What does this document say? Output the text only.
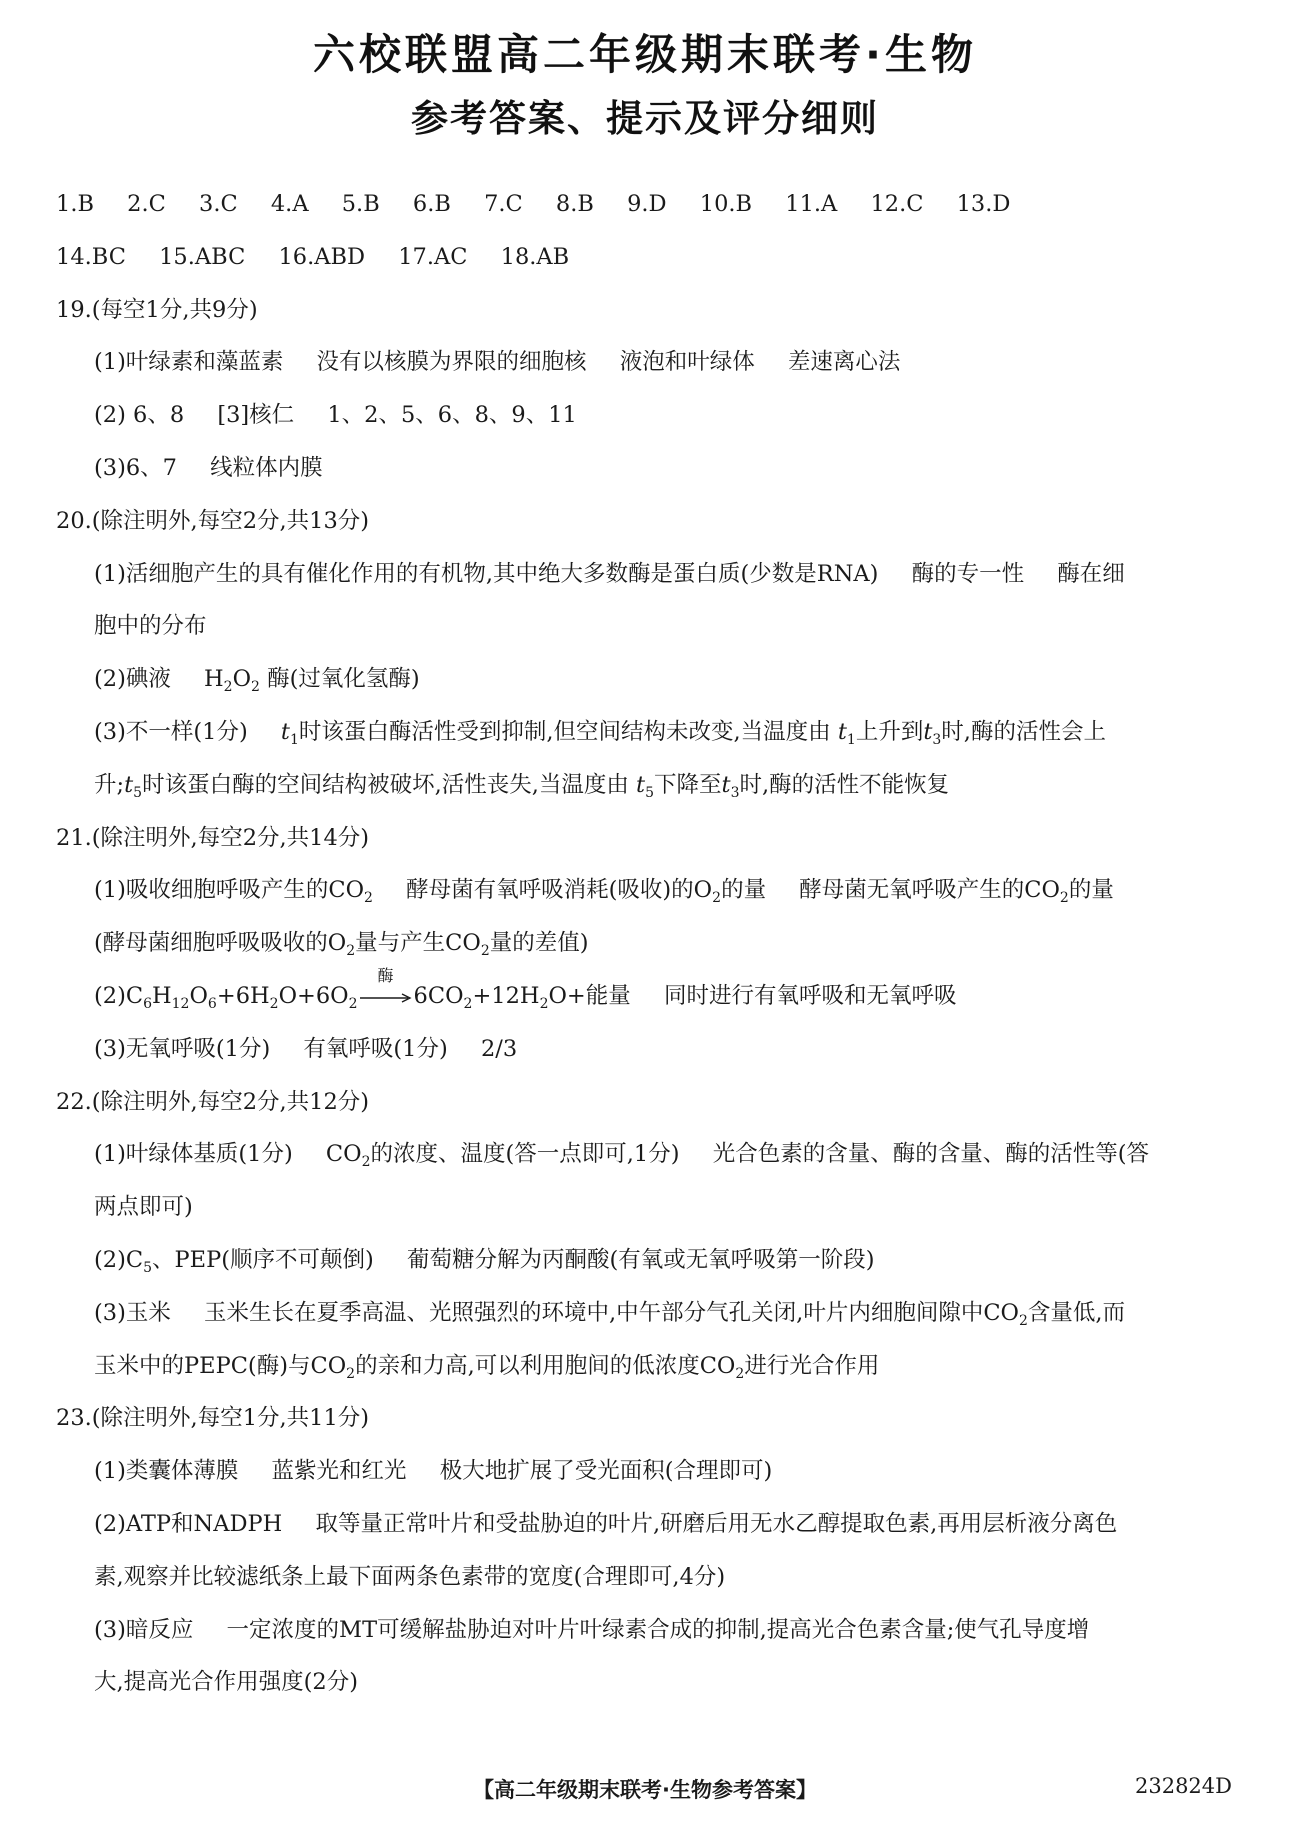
六校联盟高二年级期末联考·生物
参考答案、提示及评分细则
1.B 2.C 3.C 4.A 5.B 6.B 7.C 8.B 9.D 10.B 11.A 12.C 13.D
14.BC 15.ABC 16.ABD 17.AC 18.AB
19.(每空1分,共9分)
(1)叶绿素和藻蓝素 没有以核膜为界限的细胞核 液泡和叶绿体 差速离心法
(2) 6、8 [3]核仁 1、2、5、6、8、9、11
(3)6、7 线粒体内膜
20.(除注明外,每空2分,共13分)
(1)活细胞产生的具有催化作用的有机物,其中绝大多数酶是蛋白质(少数是RNA) 酶的专一性 酶在细
胞中的分布
(2)碘液 $H_2O_2$ 酶(过氧化氢酶)
(3)不一样(1分) $t_1$时该蛋白酶活性受到抑制,但空间结构未改变,当温度由 $t_1$上升到$t_3$时,酶的活性会上
升$;t_5$时该蛋白酶的空间结构被破坏,活性丧失,当温度由 $t_5$下降至$t_3$时,酶的活性不能恢复
21.(除注明外,每空2分,共14分)
(1)吸收细胞呼吸产生的$CO_2$ 酵母菌有氧呼吸消耗(吸收)的$O_2$的量 酵母菌无氧呼吸产生的$CO_2$的量
(酵母菌细胞呼吸吸收的$O_2$量与产生$CO_2$量的差值)
$(2)C_6H_{12}O_6+6H_2O+6O_2$
酶
$6CO_2+12H_2O+$能量 同时进行有氧呼吸和无氧呼吸
(3)无氧呼吸(1分) 有氧呼吸(1分) 2/3
22.(除注明外,每空2分,共12分)
(1)叶绿体基质(1分) $CO_2$的浓度、温度(答一点即可,1分) 光合色素的含量、酶的含量、酶的活性等(答
两点即可)
$(2)C_5$、PEP(顺序不可颠倒) 葡萄糖分解为丙酮酸(有氧或无氧呼吸第一阶段)
(3)玉米 玉米生长在夏季高温、光照强烈的环境中,中午部分气孔关闭,叶片内细胞间隙中$CO_2$含量低,而
玉米中的PEPC(酶)与$CO_2$的亲和力高,可以利用胞间的低浓度$CO_2$进行光合作用
23.(除注明外,每空1分,共11分)
(1)类囊体薄膜 蓝紫光和红光 极大地扩展了受光面积(合理即可)
(2)ATP和NADPH 取等量正常叶片和受盐胁迫的叶片,研磨后用无水乙醇提取色素,再用层析液分离色
素,观察并比较滤纸条上最下面两条色素带的宽度(合理即可,4分)
(3)暗反应 一定浓度的MT可缓解盐胁迫对叶片叶绿素合成的抑制,提高光合色素含量;使气孔导度增
大,提高光合作用强度(2分)
【高二年级期末联考·生物参考答案】	232824D
